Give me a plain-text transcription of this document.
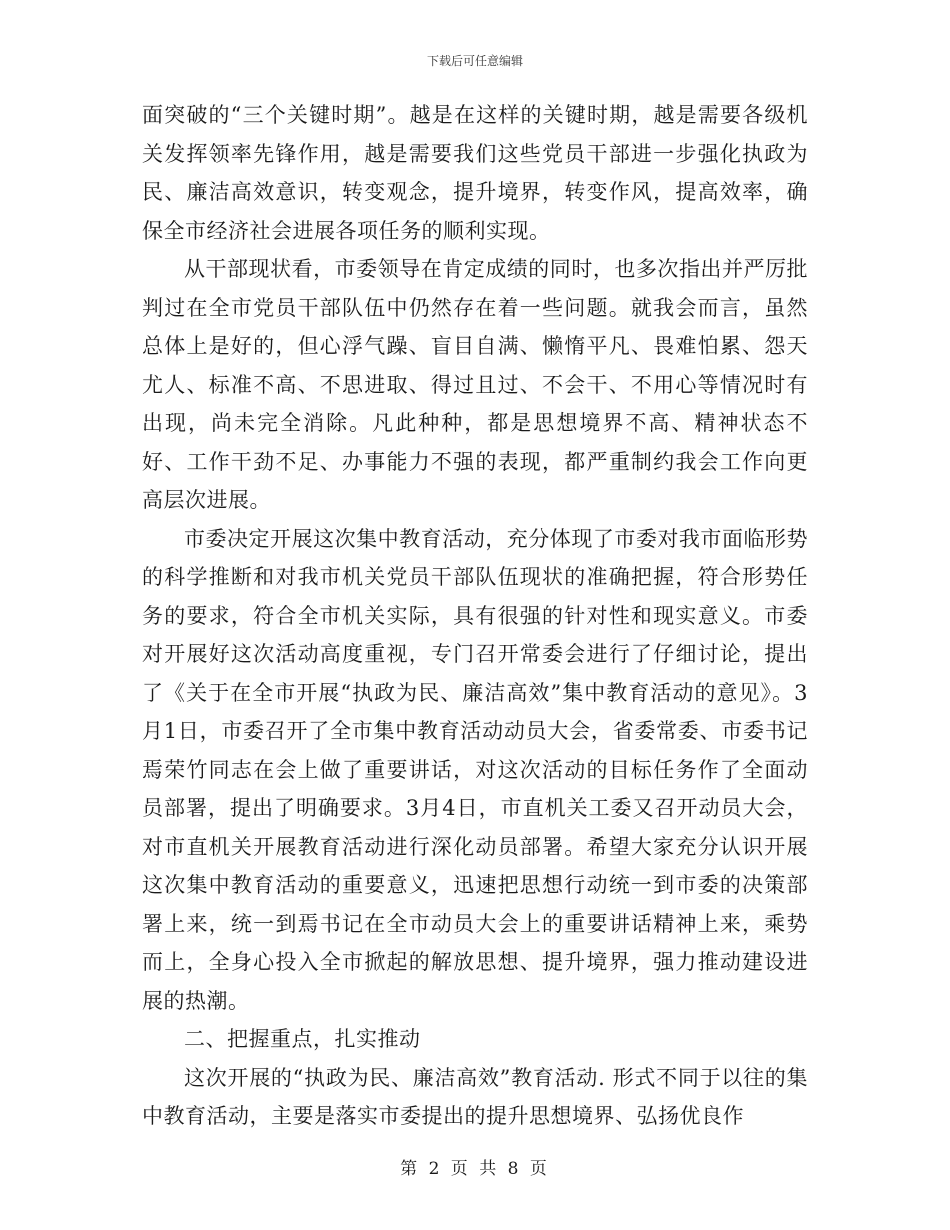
下载后可任意编辑

面突破的“三个关键时期”。越是在这样的关键时期，越是需要各级机关发挥领率先锋作用，越是需要我们这些党员干部进一步强化执政为民、廉洁高效意识，转变观念，提升境界，转变作风，提高效率，确保全市经济社会进展各项任务的顺利实现。

从干部现状看，市委领导在肯定成绩的同时，也多次指出并严厉批判过在全市党员干部队伍中仍然存在着一些问题。就我会而言，虽然总体上是好的，但心浮气躁、盲目自满、懒惰平凡、畏难怕累、怨天尤人、标准不高、不思进取、得过且过、不会干、不用心等情况时有出现，尚未完全消除。凡此种种，都是思想境界不高、精神状态不好、工作干劲不足、办事能力不强的表现，都严重制约我会工作向更高层次进展。

市委决定开展这次集中教育活动，充分体现了市委对我市面临形势的科学推断和对我市机关党员干部队伍现状的准确把握，符合形势任务的要求，符合全市机关实际，具有很强的针对性和现实意义。市委对开展好这次活动高度重视，专门召开常委会进行了仔细讨论，提出了《关于在全市开展“执政为民、廉洁高效”集中教育活动的意见》。3月1日，市委召开了全市集中教育活动动员大会，省委常委、市委书记焉荣竹同志在会上做了重要讲话，对这次活动的目标任务作了全面动员部署，提出了明确要求。3月4日，市直机关工委又召开动员大会，对市直机关开展教育活动进行深化动员部署。希望大家充分认识开展这次集中教育活动的重要意义，迅速把思想行动统一到市委的决策部署上来，统一到焉书记在全市动员大会上的重要讲话精神上来，乘势而上，全身心投入全市掀起的解放思想、提升境界，强力推动建设进展的热潮。

二、把握重点，扎实推动

这次开展的“执政为民、廉洁高效”教育活动. 形式不同于以往的集中教育活动，主要是落实市委提出的提升思想境界、弘扬优良作

第 2 页 共 8 页
